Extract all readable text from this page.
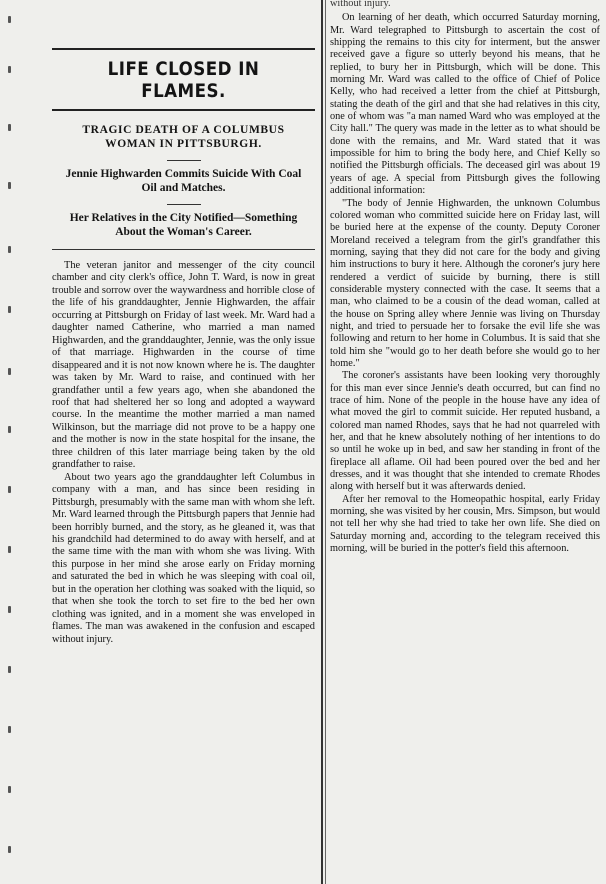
LIFE CLOSED IN FLAMES.
TRAGIC DEATH OF A COLUMBUS WOMAN IN PITTSBURGH.
Jennie Highwarden Commits Suicide With Coal Oil and Matches.
Her Relatives in the City Notified—Something About the Woman's Career.

The veteran janitor and messenger of the city council chamber and city clerk's office, John T. Ward, is now in great trouble and sorrow over the waywardness and horrible close of the life of his granddaughter, Jennie Highwarden, the affair occurring at Pittsburgh on Friday of last week. Mr. Ward had a daughter named Catherine, who married a man named Highwarden, and the granddaughter, Jennie, was the only issue of that marriage. Highwarden in the course of time disappeared and it is not now known where he is. The daughter was taken by Mr. Ward to raise, and continued with her grandfather until a few years ago, when she abandoned the roof that had sheltered her so long and adopted a wayward course. In the meantime the mother married a man named Wilkinson, but the marriage did not prove to be a happy one and the mother is now in the state hospital for the insane, the three children of this later marriage being taken by the old grandfather to raise.

About two years ago the granddaughter left Columbus in company with a man, and has since been residing in Pittsburgh, presumably with the same man with whom she left. Mr. Ward learned through the Pittsburgh papers that Jennie had been horribly burned, and the story, as he gleaned it, was that his grandchild had determined to do away with herself, and at the same time with the man with whom she was living. With this purpose in her mind she arose early on Friday morning and saturated the bed in which he was sleeping with coal oil, but in the operation her clothing was soaked with the liquid, so that when she took the torch to set fire to the bed her own clothing was ignited, and in a moment she was enveloped in flames. The man was awakened in the confusion and escaped without injury.

without injury.

On learning of her death, which occurred Saturday morning, Mr. Ward telegraphed to Pittsburgh to ascertain the cost of shipping the remains to this city for interment, but the answer received gave a figure so utterly beyond his means, that he replied, to bury her in Pittsburgh, which will be done. This morning Mr. Ward was called to the office of Chief of Police Kelly, who had received a letter from the chief at Pittsburgh, stating the death of the girl and that she had relatives in this city, one of whom was "a man named Ward who was employed at the City hall." The query was made in the letter as to what should be done with the remains, and Mr. Ward stated that it was impossible for him to bring the body here, and Chief Kelly so notified the Pittsburgh officials. The deceased girl was about 19 years of age. A special from Pittsburgh gives the following additional information:

"The body of Jennie Highwarden, the unknown Columbus colored woman who committed suicide here on Friday last, will be buried here at the expense of the county. Deputy Coroner Moreland received a telegram from the girl's grandfather this morning, saying that they did not care for the body and giving him instructions to bury it here. Although the coroner's jury here rendered a verdict of suicide by burning, there is still considerable mystery connected with the case. It seems that a man, who claimed to be a cousin of the dead woman, called at the house on Spring alley where Jennie was living on Thursday night, and tried to persuade her to forsake the evil life she was following and return to her home in Columbus. It is said that she told him she "would go to her death before she would go to her home."

The coroner's assistants have been looking very thoroughly for this man ever since Jennie's death occurred, but can find no trace of him. None of the people in the house have any idea of what moved the girl to commit suicide. Her reputed husband, a colored man named Rhodes, says that he had not quarreled with her, and that he knew absolutely nothing of her intentions to do so until he woke up in bed, and saw her standing in front of the fireplace all aflame. Oil had been poured over the bed and her dresses, and it was thought that she intended to cremate Rhodes along with herself but it was afterwards denied.

After her removal to the Homeopathic hospital, early Friday morning, she was visited by her cousin, Mrs. Simpson, but would not tell her why she had tried to take her own life. She died on Saturday morning and, according to the telegram received this morning, will be buried in the potter's field this afternoon.
